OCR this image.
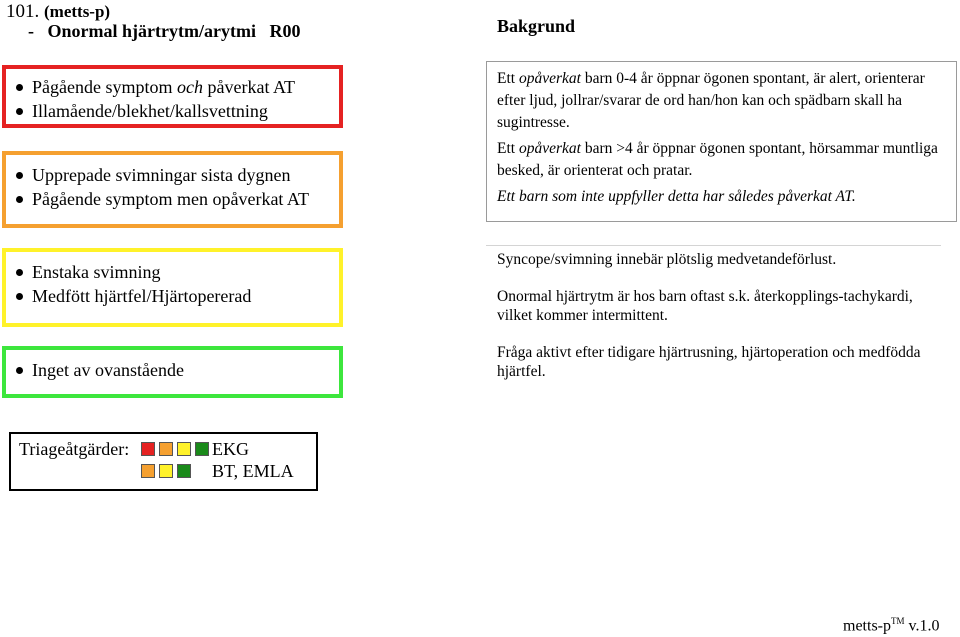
101. (metts-p)
- Onormal hjärtrytm/arytmi R00
Pågående symptom och påverkat AT
Illamående/blekhet/kallsvettning
Upprepade svimningar sista dygnen
Pågående symptom men opåverkat AT
Enstaka svimning
Medfött hjärtfel/Hjärtopererad
Inget av ovanstående
Bakgrund

Ett opåverkat barn 0-4 år öppnar ögonen spontant, är alert, orienterar efter ljud, jollrar/svarar de ord han/hon kan och spädbarn skall ha sugintresse.

Ett opåverkat barn >4 år öppnar ögonen spontant, hörsammar muntliga besked, är orienterat och pratar.

Ett barn som inte uppfyller detta har således påverkat AT.

Syncope/svimning innebär plötslig medvetandeförlust.
Onormal hjärtrytm är hos barn oftast s.k. återkopplings-tachykardi, vilket kommer intermittent.
Fråga aktivt efter tidigare hjärtrusning, hjärtoperation och medfödda hjärtfel.
Triageåtgärder:	EKG
BT, EMLA
metts-p™ v.1.0
